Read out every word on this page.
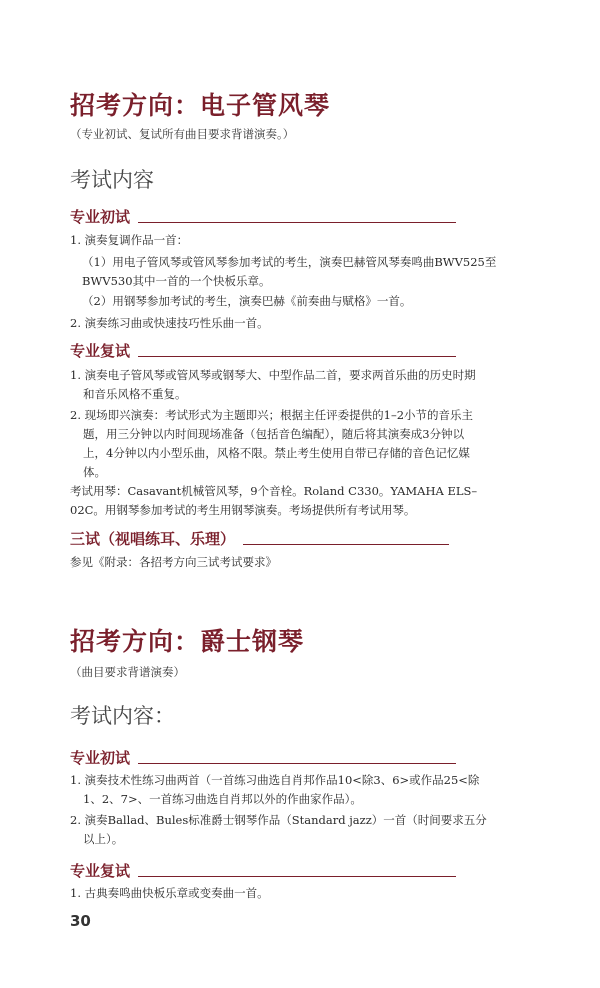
招考方向：电子管风琴
（专业初试、复试所有曲目要求背谱演奏。）
考试内容
专业初试
1. 演奏复调作品一首：
（1）用电子管风琴或管风琴参加考试的考生，演奏巴赫管风琴奏鸣曲BWV525至BWV530其中一首的一个快板乐章。
（2）用钢琴参加考试的考生，演奏巴赫《前奏曲与赋格》一首。
2. 演奏练习曲或快速技巧性乐曲一首。
专业复试
1. 演奏电子管风琴或管风琴或钢琴大、中型作品二首，要求两首乐曲的历史时期和音乐风格不重复。
2. 现场即兴演奏：考试形式为主题即兴；根据主任评委提供的1–2小节的音乐主题，用三分钟以内时间现场准备（包括音色编配），随后将其演奏成3分钟以上，4分钟以内小型乐曲，风格不限。禁止考生使用自带已存储的音色记忆媒体。
考试用琴：Casavant机械管风琴，9个音栓。Roland C330。YAMAHA ELS–02C。用钢琴参加考试的考生用钢琴演奏。考场提供所有考试用琴。
三试（视唱练耳、乐理）
参见《附录：各招考方向三试考试要求》
招考方向：爵士钢琴
（曲目要求背谱演奏）
考试内容：
专业初试
1. 演奏技术性练习曲两首（一首练习曲选自肖邦作品10<除3、6>或作品25<除1、2、7>、一首练习曲选自肖邦以外的作曲家作品）。
2. 演奏Ballad、Bules标准爵士钢琴作品（Standard jazz）一首（时间要求五分以上）。
专业复试
1. 古典奏鸣曲快板乐章或变奏曲一首。
30
